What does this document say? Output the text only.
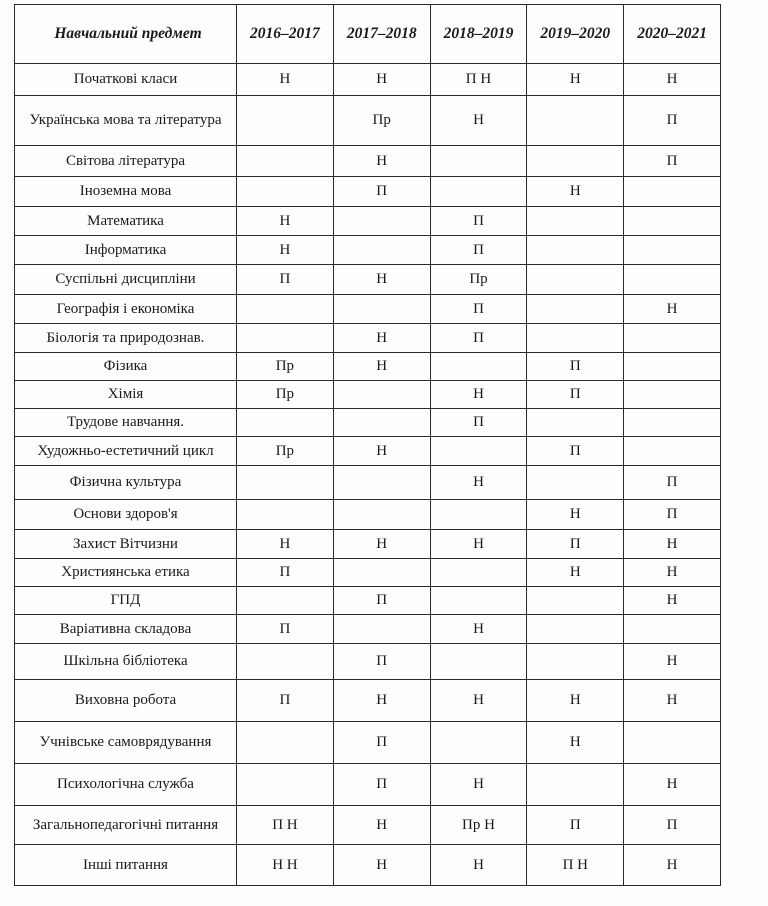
Навчальний предмет	2016–2017	2017–2018	2018–2019	2019–2020	2020–2021
Початкові класи	Н	Н	П Н	Н	Н
Українська мова та література		Пр	Н		П
Світова література		Н			П
Іноземна мова		П		Н	
Математика	Н		П		
Інформатика	Н		П		
Суспільні дисципліни	П	Н	Пр		
Географія і економіка			П		Н
Біологія та природознав.		Н	П		
Фізика	Пр	Н		П	
Хімія	Пр		Н	П	
Трудове навчання.			П		
Художньо-естетичний цикл	Пр	Н		П	
Фізична культура			Н		П
Основи здоров'я				Н	П
Захист Вітчизни	Н	Н	Н	П	Н
Християнська етика	П			Н	Н
ГПД		П			Н
Варіативна складова	П		Н		
Шкільна бібліотека		П			Н
Виховна робота	П	Н	Н	Н	Н
Учнівське самоврядування		П		Н	
Психологічна служба		П	Н		Н
Загальнопедагогічні питання	П Н	Н	Пр Н	П	П
Інші питання	Н Н	Н	Н	П Н	Н
